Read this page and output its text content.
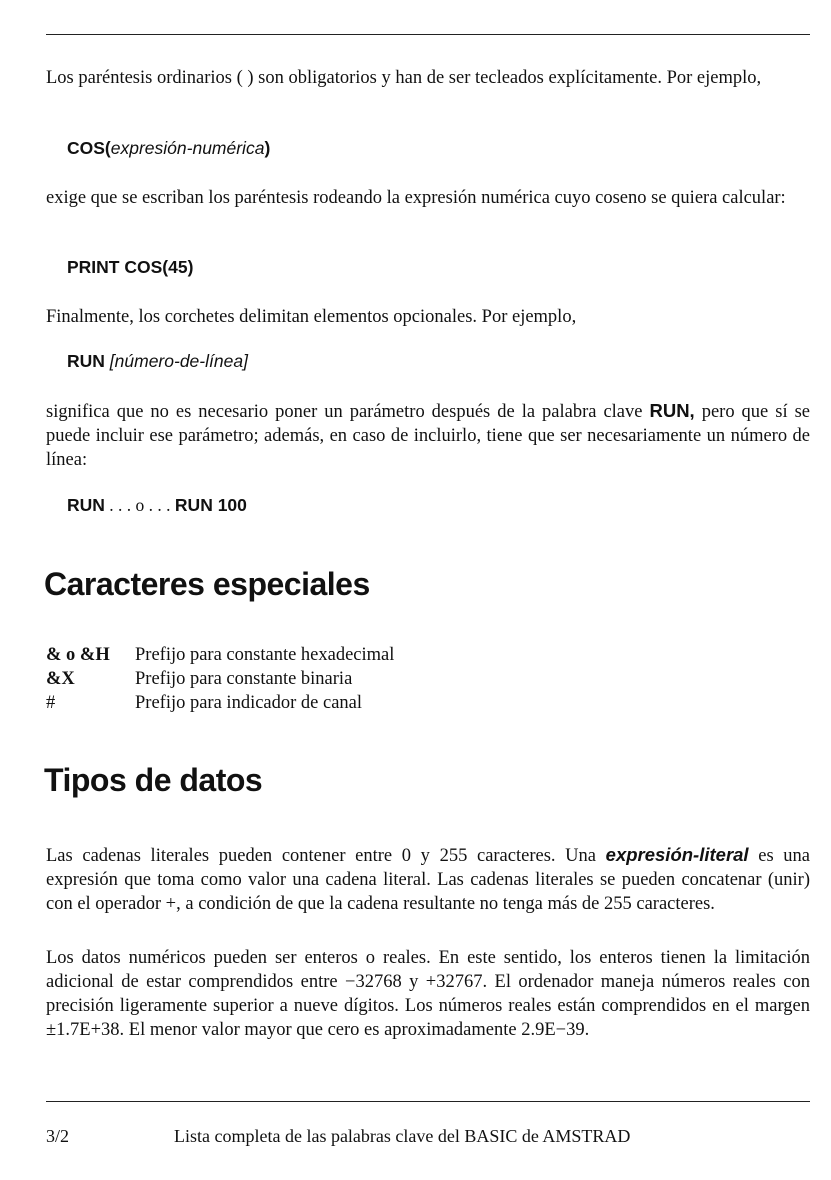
Los paréntesis ordinarios ( ) son obligatorios y han de ser tecleados explícitamente. Por ejemplo,

COS(expresión-numérica)

exige que se escriban los paréntesis rodeando la expresión numérica cuyo coseno se quiera calcular:

PRINT COS(45)

Finalmente, los corchetes delimitan elementos opcionales. Por ejemplo,

RUN [número-de-línea]

significa que no es necesario poner un parámetro después de la palabra clave RUN, pero que sí se puede incluir ese parámetro; además, en caso de incluirlo, tiene que ser necesariamente un número de línea:

RUN . . . o . . . RUN 100
Caracteres especiales
& o &H	Prefijo para constante hexadecimal
&X	Prefijo para constante binaria
#	Prefijo para indicador de canal
Tipos de datos

Las cadenas literales pueden contener entre 0 y 255 caracteres. Una expresión-literal es una expresión que toma como valor una cadena literal. Las cadenas literales se pueden concatenar (unir) con el operador +, a condición de que la cadena resultante no tenga más de 255 caracteres.

Los datos numéricos pueden ser enteros o reales. En este sentido, los enteros tienen la limitación adicional de estar comprendidos entre −32768 y +32767. El ordenador maneja números reales con precisión ligeramente superior a nueve dígitos. Los números reales están comprendidos en el margen ±1.7E+38. El menor valor mayor que cero es aproximadamente 2.9E−39.

3/2	Lista completa de las palabras clave del BASIC de AMSTRAD
